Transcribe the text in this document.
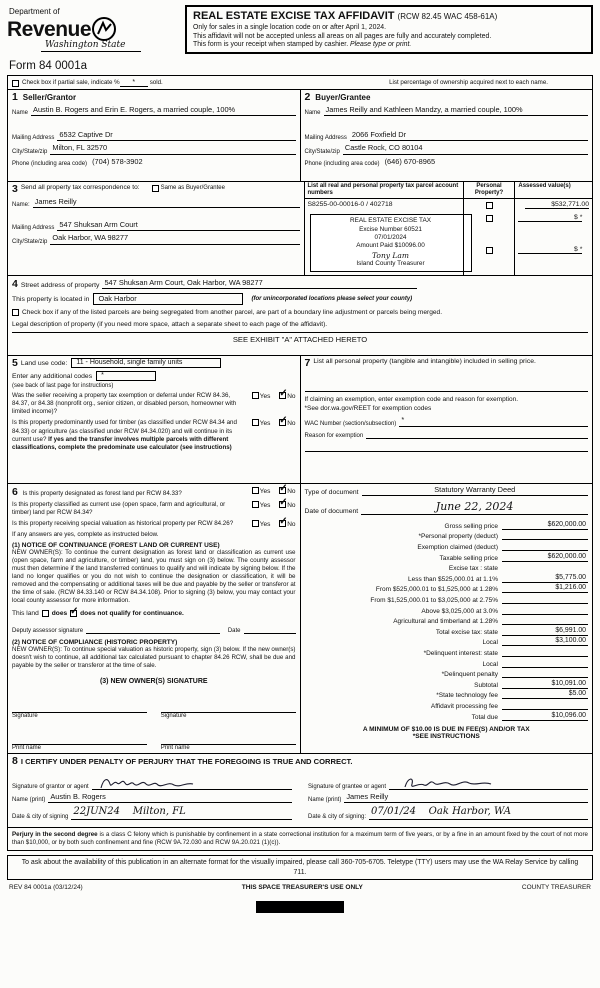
Department of
Revenue
Washington State
Form 84 0001a
REAL ESTATE EXCISE TAX AFFIDAVIT (RCW 82.45 WAC 458-61A)
Only for sales in a single location code on or after April 1, 2024.
This affidavit will not be accepted unless all areas on all pages are fully and accurately completed.
This form is your receipt when stamped by cashier. Please type or print.
Check box if partial sale, indicate %	*	sold.	List percentage of ownership acquired next to each name.
1 Seller/Grantor
Name Austin B. Rogers and Erin E. Rogers, a married couple, 100%
Mailing Address 6532 Captive Dr
City/State/zip Milton, FL 32570
Phone (including area code) (704) 578-3902
2 Buyer/Grantee
Name James Reilly and Kathleen Mandzy, a married couple, 100%
Mailing Address 2066 Foxfield Dr
City/State/zip Castle Rock, CO 80104
Phone (including area code) (646) 670-8965
3 Send all property tax correspondence to:	Same as Buyer/Grantee
Name: James Reilly
Mailing Address 547 Shuksan Arm Court
City/State/zip Oak Harbor, WA 98277
List all real and personal property tax parcel account numbers
Personal Property?
Assessed value(s)
S8255-00-00016-0 / 402718	$532,771.00
REAL ESTATE EXCISE TAX
Excise Number 60521
07/01/2024
Amount Paid $10096.00
Tony Lam
Island County Treasurer
$ *
$ *
4 Street address of property 547 Shuksan Arm Court, Oak Harbor, WA 98277
This property is located in	Oak Harbor	(for unincorporated locations please select your county)
Check box if any of the listed parcels are being segregated from another parcel, are part of a boundary line adjustment or parcels being merged.
Legal description of property (if you need more space, attach a separate sheet to each page of the affidavit).
SEE EXHIBIT "A" ATTACHED HERETO
5 Land use code:	11 - Household, single family units
Enter any additional codes	*
(see back of last page for instructions)
Was the seller receiving a property tax exemption or deferral under RCW 84.36, 84.37, or 84.38 (nonprofit org., senior citizen, or disabled person, homeowner with limited income)?
Yes ✓	No
Is this property predominantly used for timber (as classified under RCW 84.34 and 84.33) or agriculture (as classified under RCW 84.34.020) and will continue in its current use? If yes and the transfer involves multiple parcels with different classifications, complete the predominate use calculator (see instructions)
Yes ✓	No
7 List all personal property (tangible and intangible) included in selling price.
If claiming an exemption, enter exemption code and reason for exemption.
*See dor.wa.gov/REET for exemption codes
WAC Number (section/subsection) *
Reason for exemption
6 Is this property designated as forest land per RCW 84.33?	Yes ✓	No
Is this property classified as current use (open space, farm and agricultural, or timber) land per RCW 84.34?
Yes ✓	No
Is this property receiving special valuation as historical property per RCW 84.26?	Yes ✓	No
If any answers are yes, complete as instructed below.
(1) NOTICE OF CONTINUANCE (FOREST LAND OR CURRENT USE)
NEW OWNER(S): To continue the current designation as forest land or classification as current use (open space, farm and agriculture, or timber) land, you must sign on (3) below. The county assessor must then determine if the land transferred continues to qualify and will indicate by signing below. If the land no longer qualifies or you do not wish to continue the designation or classification, it will be removed and the compensating or additional taxes will be due and payable by the seller or transferor at the time of sale. (RCW 84.33.140 or RCW 84.34.108). Prior to signing (3) below, you may contact your local county assessor for more information.
This land does ✓ does not qualify for continuance.
Deputy assessor signature	Date
(2) NOTICE OF COMPLIANCE (HISTORIC PROPERTY)
NEW OWNER(S): To continue special valuation as historic property, sign (3) below. If the new owner(s) doesn't wish to continue, all additional tax calculated pursuant to chapter 84.26 RCW, shall be due and payable by the seller or transferor at the time of sale.
(3) NEW OWNER(S) SIGNATURE
Signature	Signature
Print name	Print name
Type of document	Statutory Warranty Deed
Date of document	June 22, 2024
Gross selling price	$620,000.00
*Personal property (deduct)
Exemption claimed (deduct)
Taxable selling price	$620,000.00
Excise tax : state
Less than $525,000.01 at 1.1%	$5,775.00
From $525,000.01 to $1,525,000 at 1.28%	$1,216.00
From $1,525,000.01 to $3,025,000 at 2.75%
Above $3,025,000 at 3.0%
Agricultural and timberland at 1.28%
Total excise tax: state	$6,991.00
Local	$3,100.00
*Delinquent interest: state
Local
*Delinquent penalty
Subtotal	$10,091.00
*State technology fee	$5.00
Affidavit processing fee
Total due	$10,096.00
A MINIMUM OF $10.00 IS DUE IN FEE(S) AND/OR TAX
*SEE INSTRUCTIONS
8 I CERTIFY UNDER PENALTY OF PERJURY THAT THE FOREGOING IS TRUE AND CORRECT.
Signature of grantor or agent
Name (print) Austin B. Rogers
Date & city of signing 22JUN24 Milton, FL
Signature of grantee or agent
Name (print) James Reilly
Date & city of signing: 07/01/24 Oak Harbor, WA
Perjury in the second degree is a class C felony which is punishable by confinement in a state correctional institution for a maximum term of five years, or by a fine in an amount fixed by the court of not more than $10,000, or by both such confinement and fine (RCW 9A.72.030 and RCW 9A.20.021 (1)(c)).
To ask about the availability of this publication in an alternate format for the visually impaired, please call 360-705-6705. Teletype (TTY) users may use the WA Relay Service by calling 711.
REV 84 0001a (03/12/24)	THIS SPACE TREASURER'S USE ONLY	COUNTY TREASURER
